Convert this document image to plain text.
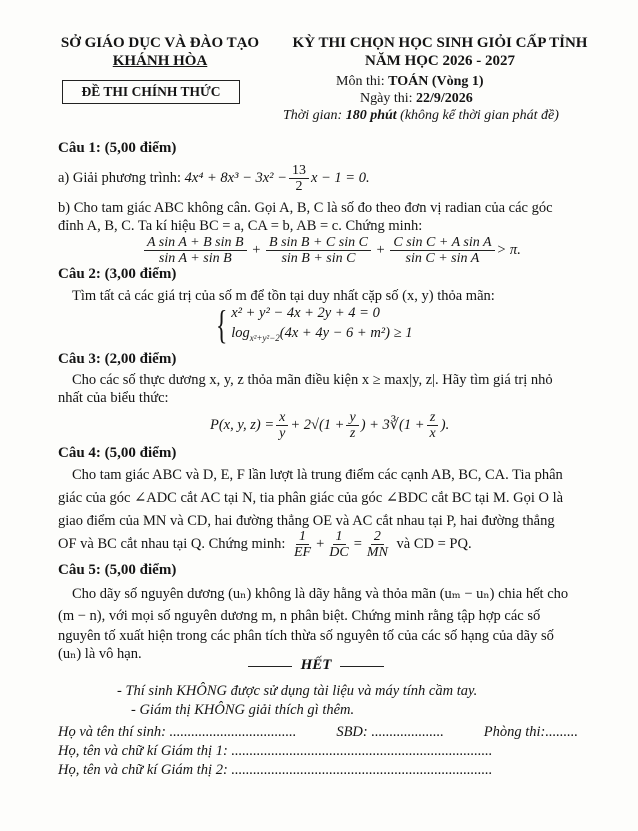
SỞ GIÁO DỤC VÀ ĐÀO TẠO
KHÁNH HÒA
ĐỀ THI CHÍNH THỨC
KỲ THI CHỌN HỌC SINH GIỎI CẤP TỈNH
NĂM HỌC 2026 - 2027
Môn thi: TOÁN (Vòng 1)
Ngày thi: 22/9/2026
Thời gian: 180 phút (không kể thời gian phát đề)
Câu 1: (5,00 điểm)
a) Giải phương trình:
$4x^4 + 8x^3 - 3x^2 - \frac{13}{2}$ x − 1 = 0.
b) Cho tam giác ABC không cân. Gọi A, B, C là số đo theo đơn vị radian của các góc
đỉnh A, B, C. Ta kí hiệu BC = a, CA = b, AB = c. Chứng minh:
$\frac{\text{A sin A + B sin B}}{\text{sin A + sin B}} + \frac{\text{B sin B + C sin C}}{\text{sin B + sin C}} + \frac{\text{C sin C + A sin A}}{\text{sin C + sin A}} > \pi$.
Câu 2: (3,00 điểm)
Tìm tất cả các giá trị của số m để tồn tại duy nhất cặp số (x, y) thỏa mãn:
{ x² + y² − 4x + 2y + 4 = 0
$\log_{x^2+y^2-2}(4x + 4y - 6 + m^2) \ge 1$
Câu 3: (2,00 điểm)
Cho các số thực dương x, y, z thỏa mãn điều kiện x ≥ max|y, z|. Hãy tìm giá trị nhỏ
nhất của biểu thức:
P(x, y, $z) = \frac{x}{y} + 2√(1 + \frac{y}{z}$ ) + 3∛(1 + $\frac{z}{x}$ ).
Câu 4: (5,00 điểm)
Cho tam giác ABC và D, E, F lần lượt là trung điểm các cạnh AB, BC, CA. Tia phân
giác của góc ∠ADC cắt AC tại N, tia phân giác của góc ∠BDC cắt BC tại M. Gọi O là
giao điểm của MN và CD, hai đường thẳng OE và AC cắt nhau tại P, hai đường thẳng
OF và BC cắt nhau tại Q. Chứng minh:
$\frac{1}{EF} + \frac{1}{DC} = \frac{2}{MN}$
và CD = PQ.
Câu 5: (5,00 điểm)
Cho dãy số nguyên dương (uₙ) không là dãy hằng và thỏa mãn (uₘ − uₙ) chia hết cho
(m − n), với mọi số nguyên dương m, n phân biệt. Chứng minh rằng tập hợp các số
nguyên tố xuất hiện trong các phân tích thừa số nguyên tố của các số hạng của dãy số
(uₙ) là vô hạn.
HẾT
- Thí sinh KHÔNG được sử dụng tài liệu và máy tính cầm tay.
- Giám thị KHÔNG giải thích gì thêm.
Họ và tên thí sinh: ...................................	SBD: ....................	Phòng thi:.........
Họ, tên và chữ kí Giám thị 1: ........................................................................
Họ, tên và chữ kí Giám thị 2: ........................................................................
